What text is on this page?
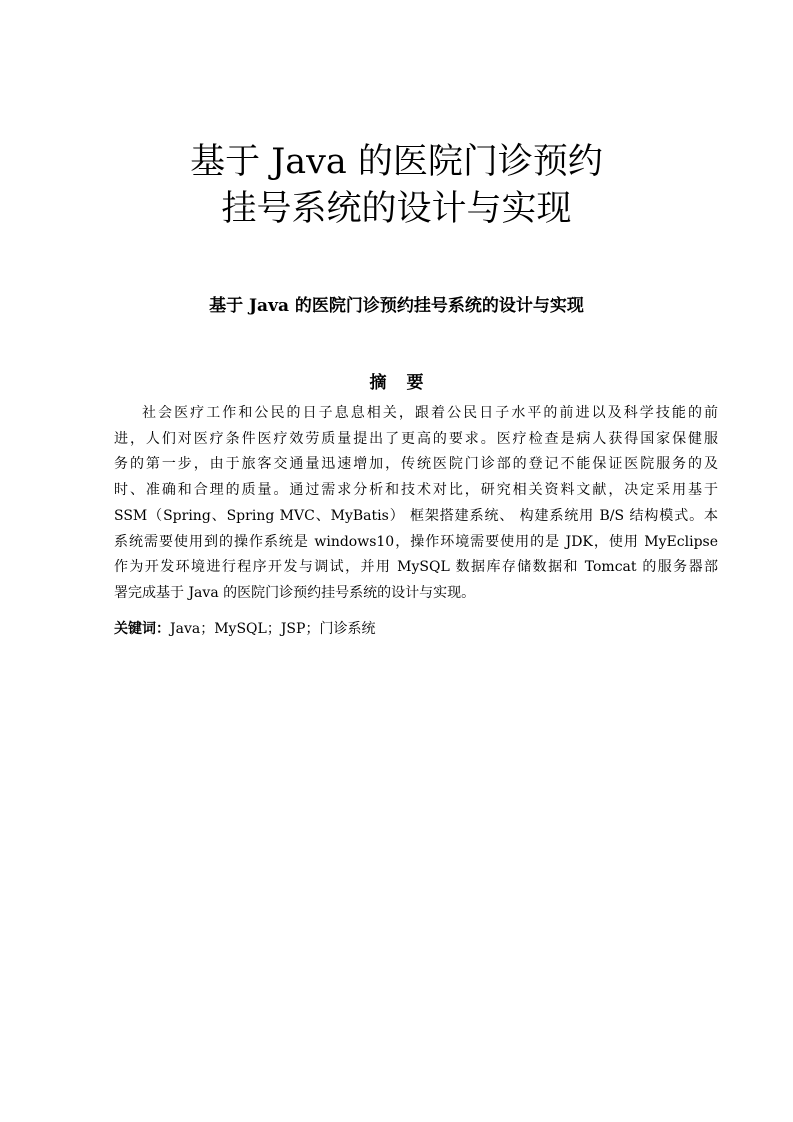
基于 Java 的医院门诊预约
挂号系统的设计与实现
基于 Java 的医院门诊预约挂号系统的设计与实现
摘要
社会医疗工作和公民的日子息息相关，跟着公民日子水平的前进以及科学技能的前
进，人们对医疗条件医疗效劳质量提出了更高的要求。医疗检查是病人获得国家保健服
务的第一步，由于旅客交通量迅速增加，传统医院门诊部的登记不能保证医院服务的及
时、准确和合理的质量。通过需求分析和技术对比，研究相关资料文献，决定采用基于
SSM（Spring、Spring MVC、MyBatis） 框架搭建系统、 构建系统用 B/S 结构模式。本
系统需要使用到的操作系统是 windows10，操作环境需要使用的是 JDK，使用 MyEclipse
作为开发环境进行程序开发与调试，并用 MySQL 数据库存储数据和 Tomcat 的服务器部
署完成基于 Java 的医院门诊预约挂号系统的设计与实现。

关键词：Java；MySQL；JSP；门诊系统
